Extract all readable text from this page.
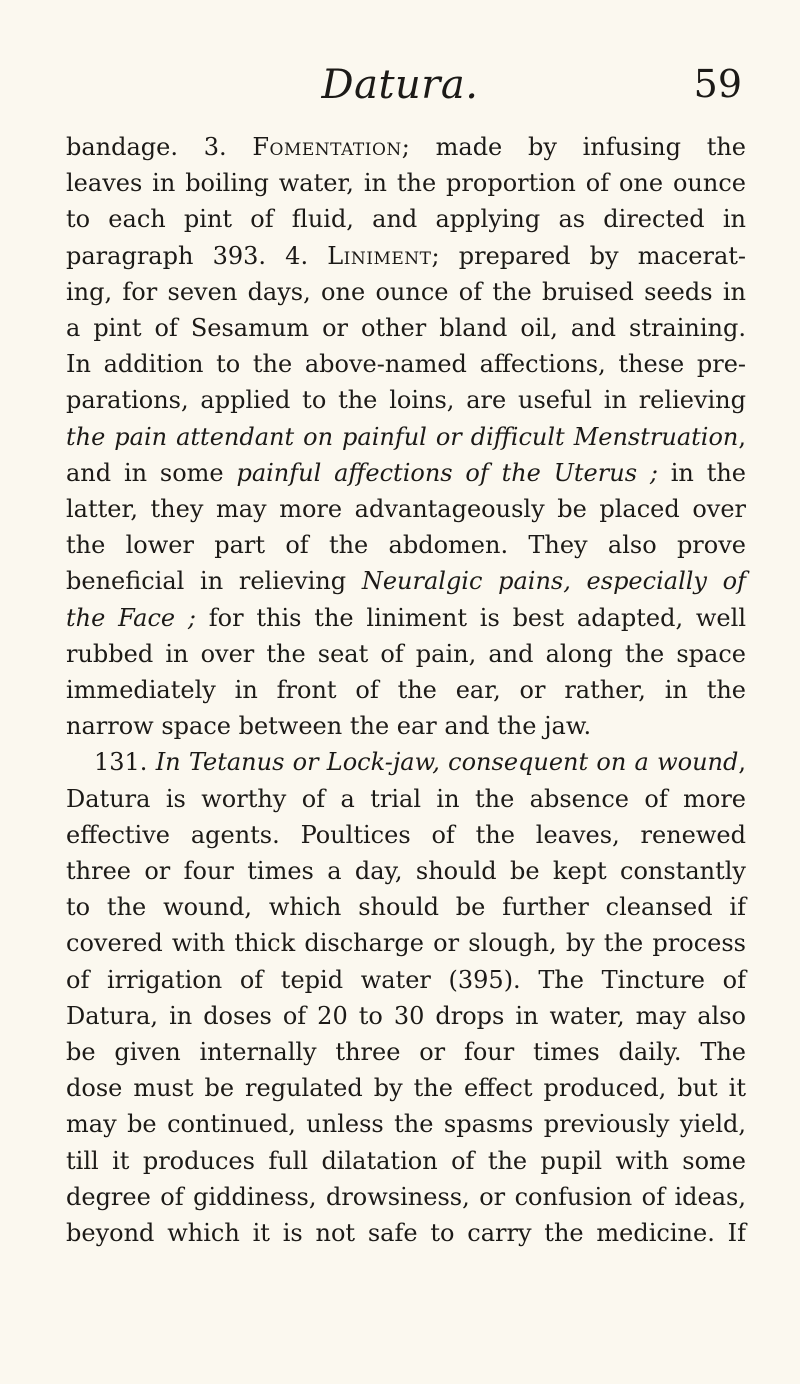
Datura.	59
bandage. 3. Fomentation; made by infusing the
leaves in boiling water, in the proportion of one ounce
to each pint of fluid, and applying as directed in
paragraph 393. 4. Liniment; prepared by macerat-
ing, for seven days, one ounce of the bruised seeds in
a pint of Sesamum or other bland oil, and straining.
In addition to the above-named affections, these pre-
parations, applied to the loins, are useful in relieving
the pain attendant on painful or difficult Menstruation,
and in some painful affections of the Uterus ; in the
latter, they may more advantageously be placed over
the lower part of the abdomen. They also prove
beneficial in relieving Neuralgic pains, especially of
the Face ; for this the liniment is best adapted, well
rubbed in over the seat of pain, and along the space
immediately in front of the ear, or rather, in the
narrow space between the ear and the jaw.
131. In Tetanus or Lock-jaw, consequent on a wound,
Datura is worthy of a trial in the absence of more
effective agents. Poultices of the leaves, renewed
three or four times a day, should be kept constantly
to the wound, which should be further cleansed if
covered with thick discharge or slough, by the process
of irrigation of tepid water (395). The Tincture of
Datura, in doses of 20 to 30 drops in water, may also
be given internally three or four times daily. The
dose must be regulated by the effect produced, but it
may be continued, unless the spasms previously yield,
till it produces full dilatation of the pupil with some
degree of giddiness, drowsiness, or confusion of ideas,
beyond which it is not safe to carry the medicine. If
